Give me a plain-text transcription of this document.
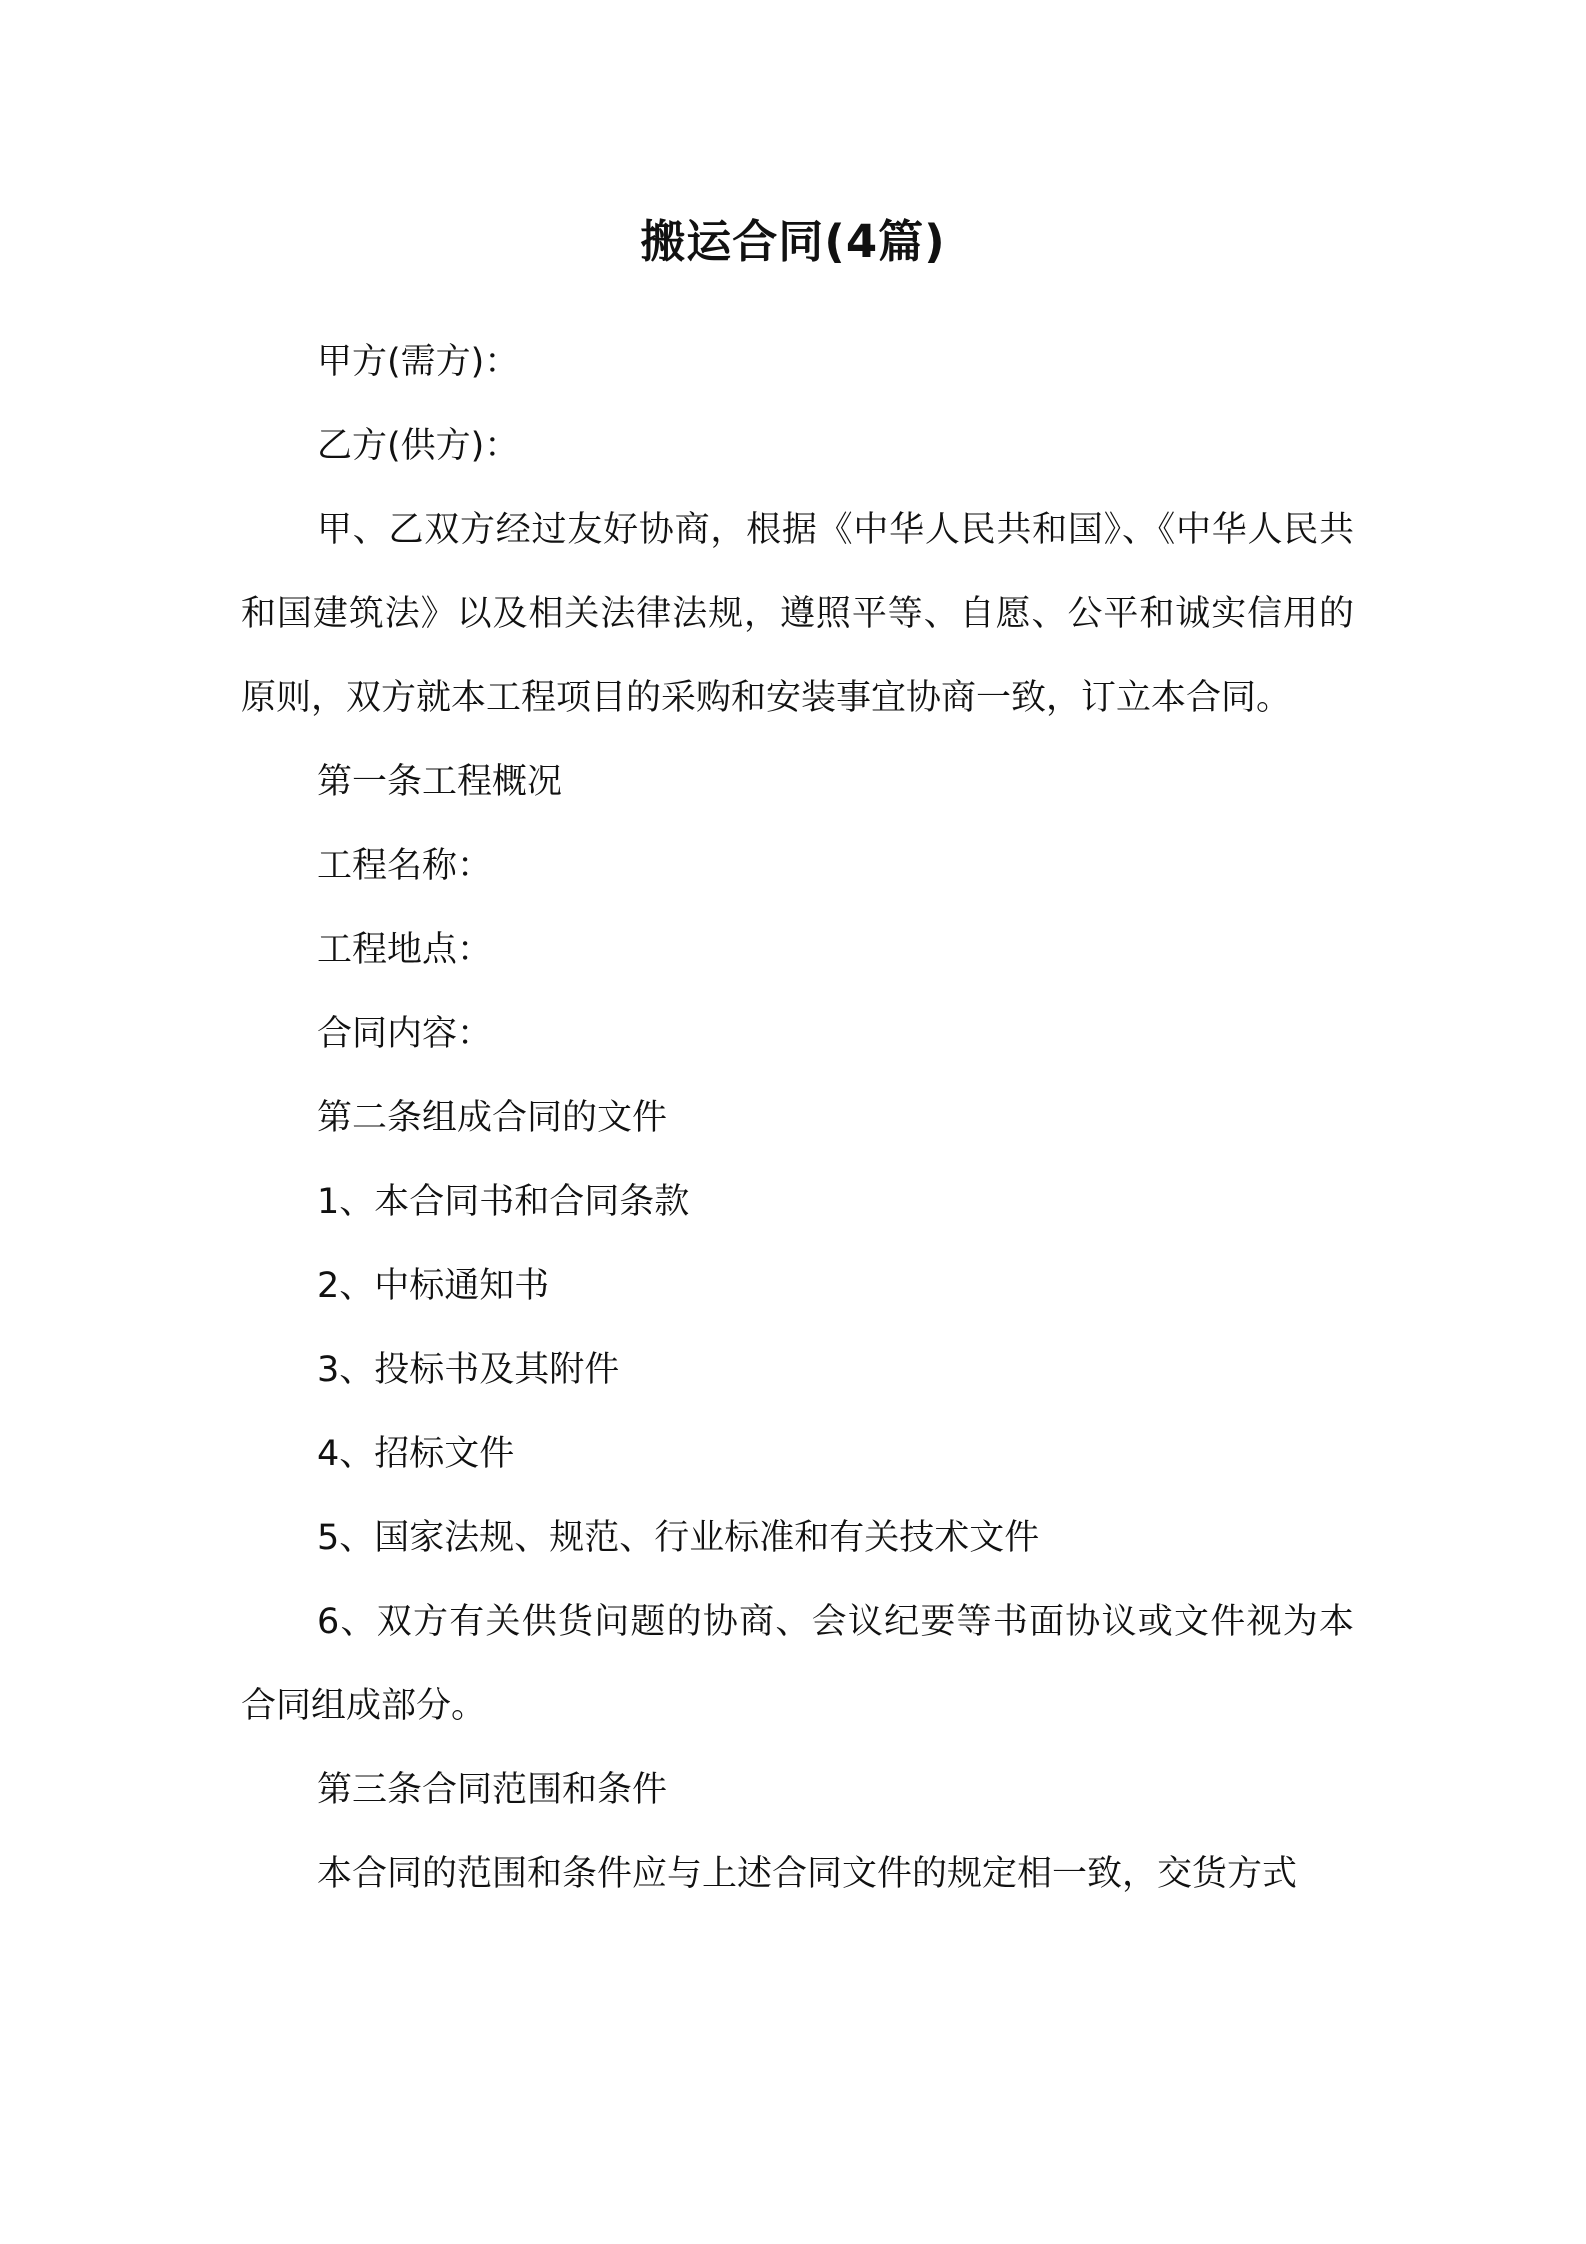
搬运合同(4篇)

甲方(需方)：

乙方(供方)：

甲、乙双方经过友好协商，根据《中华人民共和国》、《中华人民共和国建筑法》以及相关法律法规，遵照平等、自愿、公平和诚实信用的原则，双方就本工程项目的采购和安装事宜协商一致，订立本合同。

第一条工程概况

工程名称：

工程地点：

合同内容：

第二条组成合同的文件

1、本合同书和合同条款

2、中标通知书

3、投标书及其附件

4、招标文件

5、国家法规、规范、行业标准和有关技术文件

6、双方有关供货问题的协商、会议纪要等书面协议或文件视为本合同组成部分。

第三条合同范围和条件

本合同的范围和条件应与上述合同文件的规定相一致，交货方式
